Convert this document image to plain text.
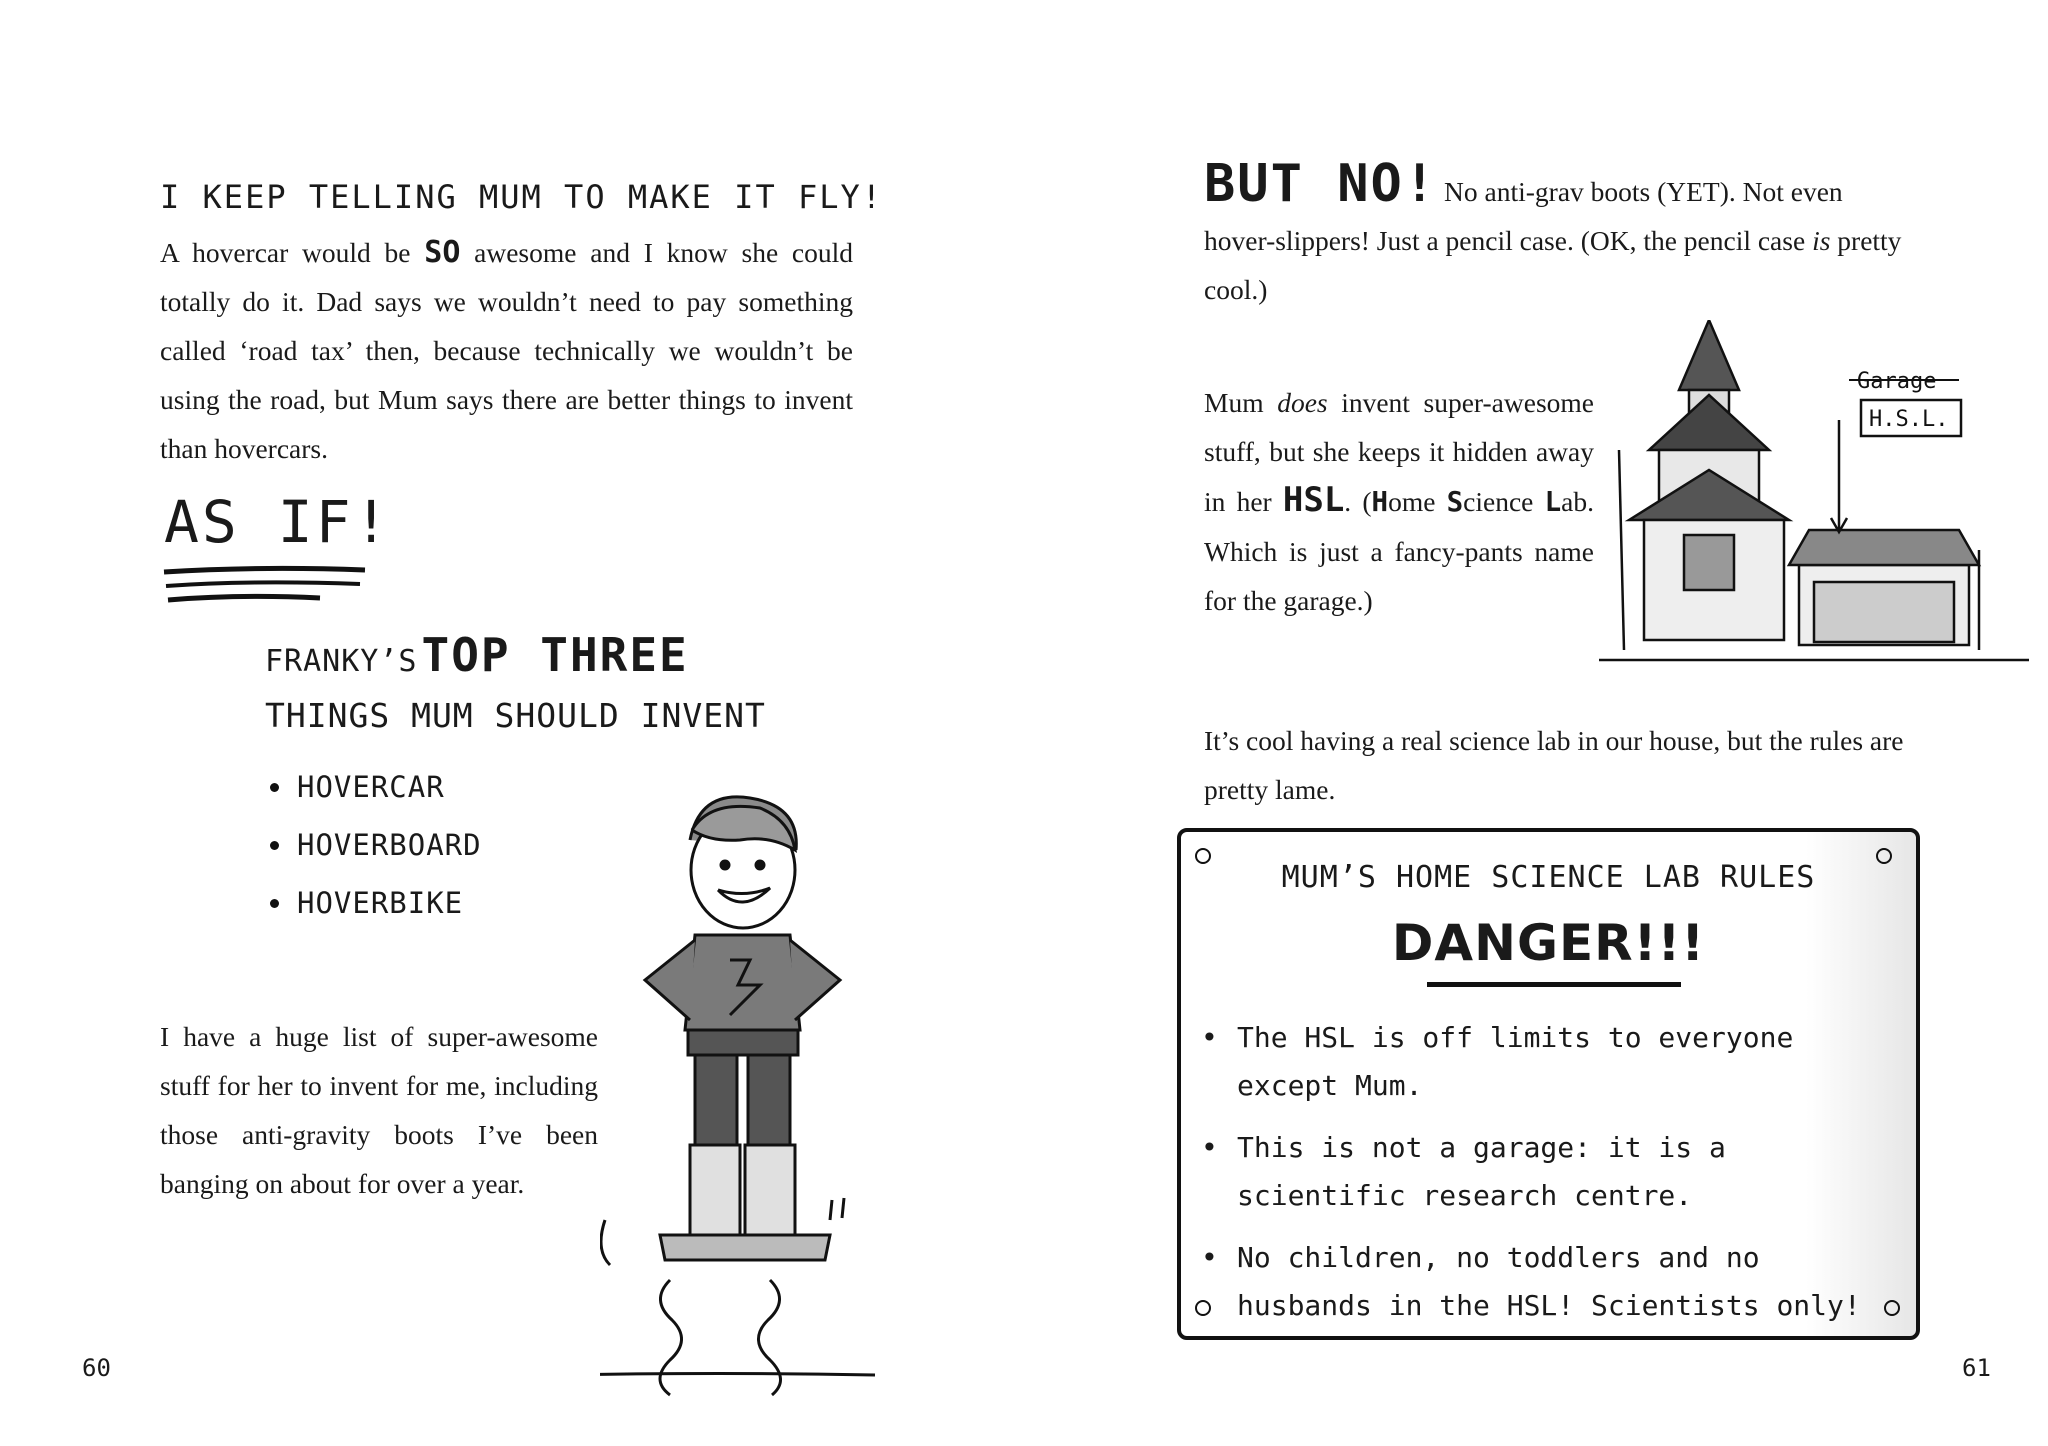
I KEEP TELLING MUM TO MAKE IT FLY!
A hovercar would be SO awesome and I know she could totally do it. Dad says we wouldn’t need to pay something called ‘road tax’ then, because technically we wouldn’t be using the road, but Mum says there are better things to invent than hovercars.
AS IF!
FRANKY’S TOP THREE
THINGS MUM SHOULD INVENT
HOVERCAR
HOVERBOARD
HOVERBIKE
I have a huge list of super-awesome stuff for her to invent for me, including those anti-gravity boots I’ve been banging on about for over a year.
60
BUT NO! No anti-grav boots (YET). Not even hover-slippers! Just a pencil case. (OK, the pencil case is pretty cool.)
Mum does invent super-awesome stuff, but she keeps it hidden away in her HSL. (Home Science Lab. Which is just a fancy-pants name for the garage.)
Garage
H.S.L.
It’s cool having a real science lab in our house, but the rules are pretty lame.
MUM’S HOME SCIENCE LAB RULES
DANGER!!!
• The HSL is off limits to everyone except Mum.
• This is not a garage: it is a scientific research centre.
• No children, no toddlers and no husbands in the HSL! Scientists only!
61
